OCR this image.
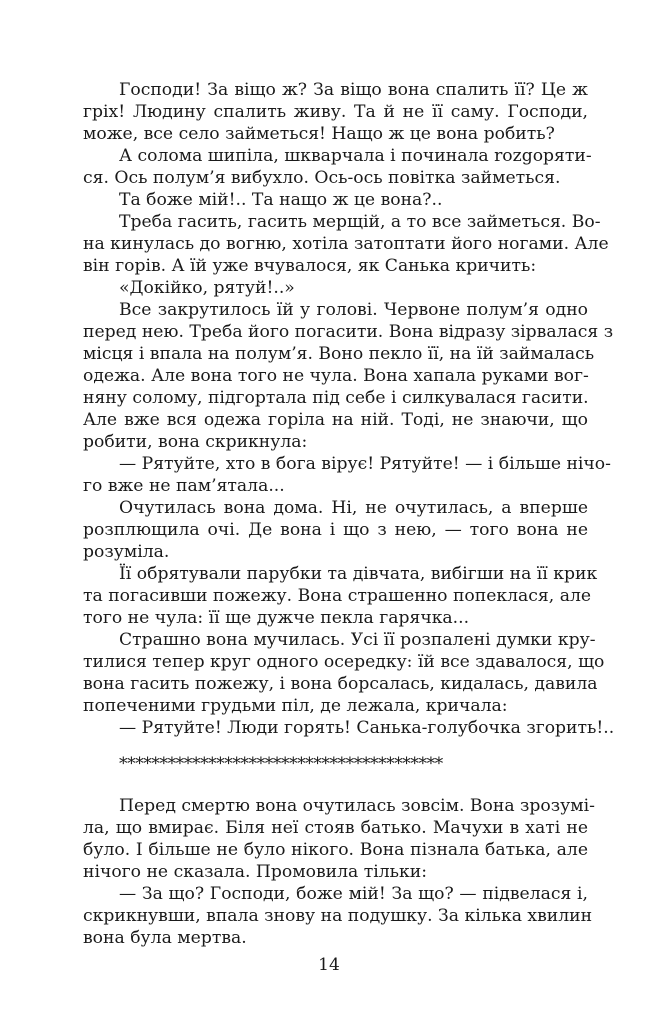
Господи! За віщо ж? За віщо вона спалить її? Це ж
гріх! Людину спалить живу. Та й не її саму. Господи,
може, все село займеться! Нащо ж це вона робить?
А солома шипіла, шкварчала і починала rozgоряти-
ся. Ось полум’я вибухло. Ось-ось повітка займеться.
Та боже мій!.. Та нащо ж це вона?..
Треба гасить, гасить мерщій, а то все займеться. Во-
на кинулась до вогню, хотіла затоптати його ногами. Але
він горів. А їй уже вчувалося, як Санька кричить:
«Докійко, рятуй!..»
Все закрутилось їй у голові. Червоне полум’я одно
перед нею. Треба його погасити. Вона відразу зірвалася з
місця і впала на полум’я. Воно пекло її, на їй займалась
одежа. Але вона того не чула. Вона хапала руками вог-
няну солому, підгортала під себе і силкувалася гасити.
Але вже вся одежа горіла на ній. Тоді, не знаючи, що
робити, вона скрикнула:
— Рятуйте, хто в бога вірує! Рятуйте! — і більше нічо-
го вже не пам’ятала...
Очутилась вона дома. Ні, не очутилась, а вперше
розплющила очі. Де вона і що з нею, — того вона не
розуміла.
Її обрятували парубки та дівчата, вибігши на її крик
та погасивши пожежу. Вона страшенно попеклася, але
того не чула: її ще дужче пекла гарячка...
Страшно вона мучилась. Усі її розпалені думки кру-
тилися тепер круг одного осередку: їй все здавалося, що
вона гасить пожежу, і вона борсалась, кидалась, давила
попеченими грудьми піл, де лежала, кричала:
— Рятуйте! Люди горять! Санька-голубочка згорить!..
****************************************
Перед смертю вона очутилась зовсім. Вона зрозумі-
ла, що вмирає. Біля неї стояв батько. Мачухи в хаті не
було. І більше не було нікого. Вона пізнала батька, але
нічого не сказала. Промовила тільки:
— За що? Господи, боже мій! За що? — підвелася і,
скрикнувши, впала знову на подушку. За кілька хвилин
вона була мертва.
14
